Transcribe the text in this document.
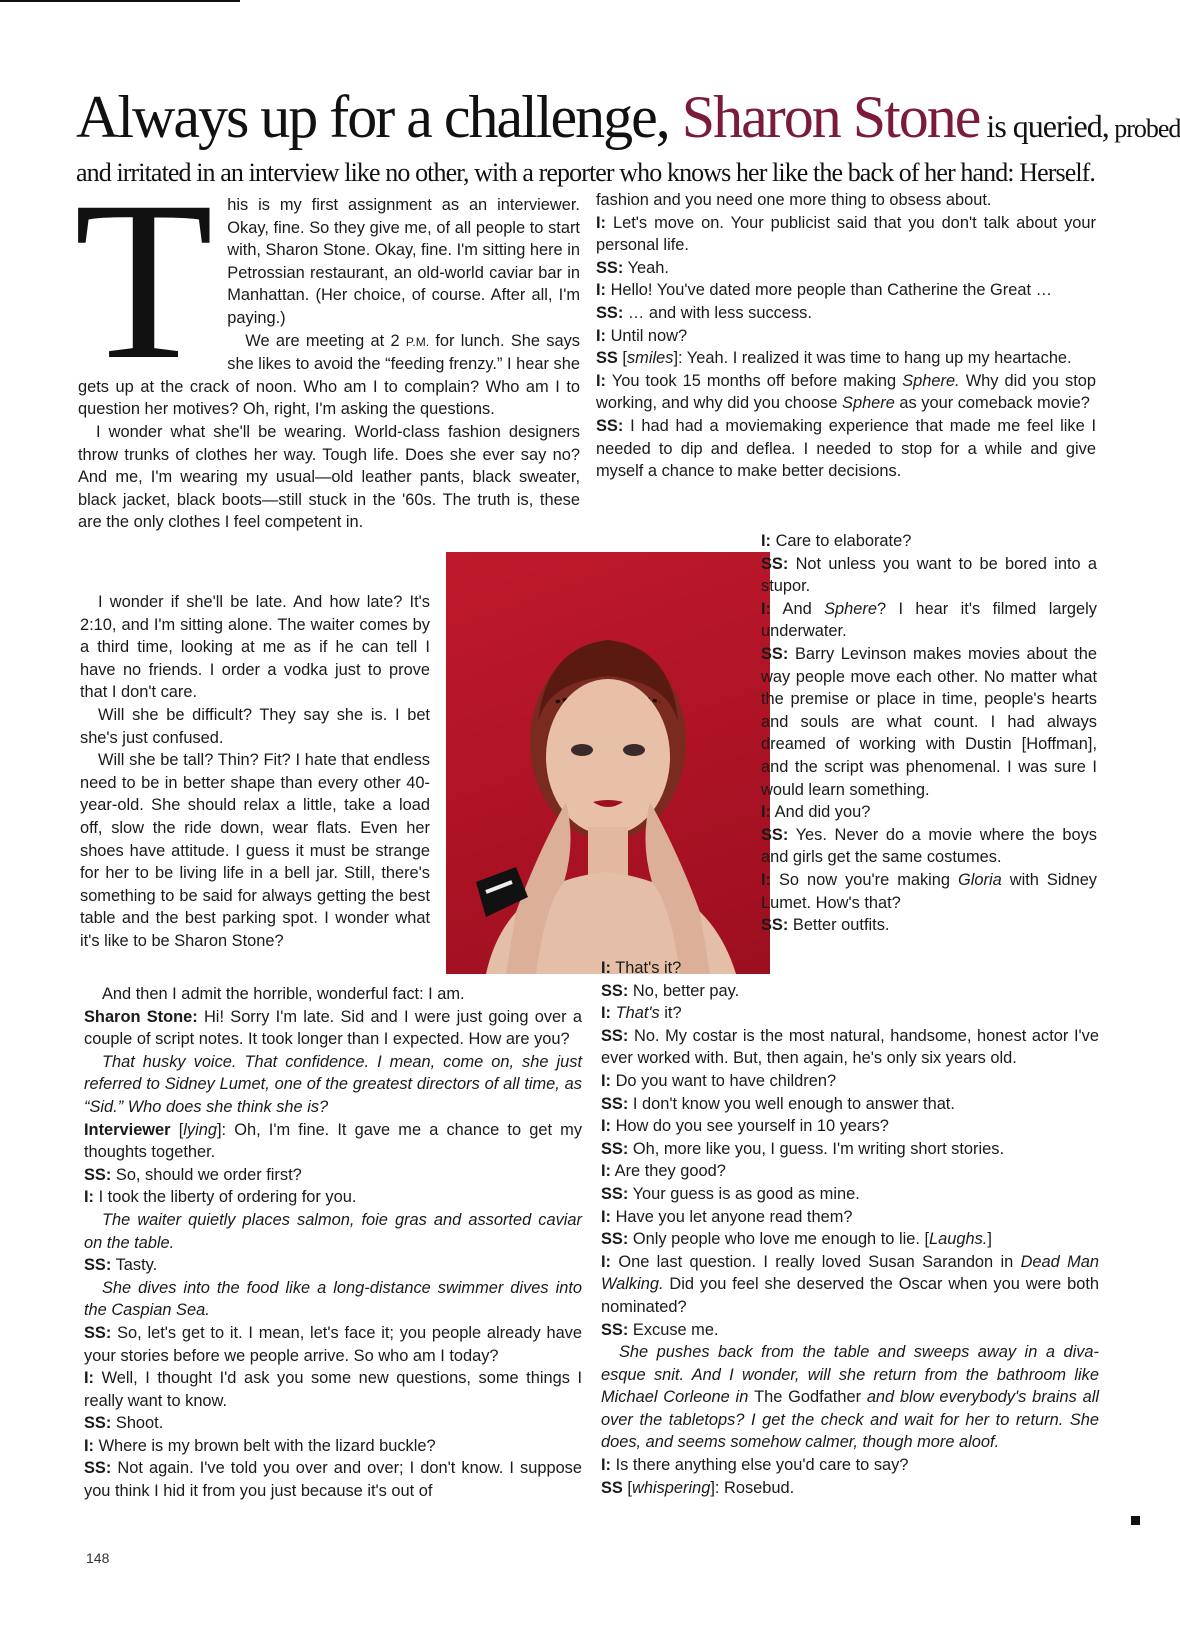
Always up for a challenge, Sharon Stone is queried, probed
and irritated in an interview like no other, with a reporter who knows her like the back of her hand: Herself.

This is my first assignment as an interviewer. Okay, fine. So they give me, of all people to start with, Sharon Stone. Okay, fine. I'm sitting here in Petrossian restaurant, an old-world caviar bar in Manhattan. (Her choice, of course. After all, I'm paying.)

We are meeting at 2 P.M. for lunch. She says she likes to avoid the “feeding frenzy.” I hear she gets up at the crack of noon. Who am I to complain? Who am I to question her motives? Oh, right, I'm asking the questions.

I wonder what she'll be wearing. World-class fashion designers throw trunks of clothes her way. Tough life. Does she ever say no? And me, I'm wearing my usual—old leather pants, black sweater, black jacket, black boots—still stuck in the '60s. The truth is, these are the only clothes I feel competent in.

I wonder if she'll be late. And how late? It's 2:10, and I'm sitting alone. The waiter comes by a third time, looking at me as if he can tell I have no friends. I order a vodka just to prove that I don't care.

Will she be difficult? They say she is. I bet she's just confused.

Will she be tall? Thin? Fit? I hate that endless need to be in better shape than every other 40-year-old. She should relax a little, take a load off, slow the ride down, wear flats. Even her shoes have attitude. I guess it must be strange for her to be living life in a bell jar. Still, there's something to be said for always getting the best table and the best parking spot. I wonder what it's like to be Sharon Stone?

And then I admit the horrible, wonderful fact: I am.

Sharon Stone: Hi! Sorry I'm late. Sid and I were just going over a couple of script notes. It took longer than I expected. How are you?

That husky voice. That confidence. I mean, come on, she just referred to Sidney Lumet, one of the greatest directors of all time, as “Sid.” Who does she think she is?

Interviewer [lying]: Oh, I'm fine. It gave me a chance to get my thoughts together.

SS: So, should we order first?

I: I took the liberty of ordering for you.

The waiter quietly places salmon, foie gras and assorted caviar on the table.

SS: Tasty.

She dives into the food like a long-distance swimmer dives into the Caspian Sea.

SS: So, let's get to it. I mean, let's face it; you people already have your stories before we people arrive. So who am I today?

I: Well, I thought I'd ask you some new questions, some things I really want to know.

SS: Shoot.

I: Where is my brown belt with the lizard buckle?

SS: Not again. I've told you over and over; I don't know. I suppose you think I hid it from you just because it's out of

fashion and you need one more thing to obsess about.

I: Let's move on. Your publicist said that you don't talk about your personal life.

SS: Yeah.

I: Hello! You've dated more people than Catherine the Great …

SS: … and with less success.

I: Until now?

SS [smiles]: Yeah. I realized it was time to hang up my heartache.

I: You took 15 months off before making Sphere. Why did you stop working, and why did you choose Sphere as your comeback movie?

SS: I had had a moviemaking experience that made me feel like I needed to dip and deflea. I needed to stop for a while and give myself a chance to make better decisions.

I: Care to elaborate?

SS: Not unless you want to be bored into a stupor.

I: And Sphere? I hear it's filmed largely underwater.

SS: Barry Levinson makes movies about the way people move each other. No matter what the premise or place in time, people's hearts and souls are what count. I had always dreamed of working with Dustin [Hoffman], and the script was phenomenal. I was sure I would learn something.

I: And did you?

SS: Yes. Never do a movie where the boys and girls get the same costumes.

I: So now you're making Gloria with Sidney Lumet. How's that?

SS: Better outfits.

I: That's it?

SS: No, better pay.

I: That's it?

SS: No. My costar is the most natural, handsome, honest actor I've ever worked with. But, then again, he's only six years old.

I: Do you want to have children?

SS: I don't know you well enough to answer that.

I: How do you see yourself in 10 years?

SS: Oh, more like you, I guess. I'm writing short stories.

I: Are they good?

SS: Your guess is as good as mine.

I: Have you let anyone read them?

SS: Only people who love me enough to lie. [Laughs.]

I: One last question. I really loved Susan Sarandon in Dead Man Walking. Did you feel she deserved the Oscar when you were both nominated?

SS: Excuse me.

She pushes back from the table and sweeps away in a diva-esque snit. And I wonder, will she return from the bathroom like Michael Corleone in The Godfather and blow everybody's brains all over the tabletops? I get the check and wait for her to return. She does, and seems somehow calmer, though more aloof.

I: Is there anything else you'd care to say?

SS [whispering]: Rosebud.

148
